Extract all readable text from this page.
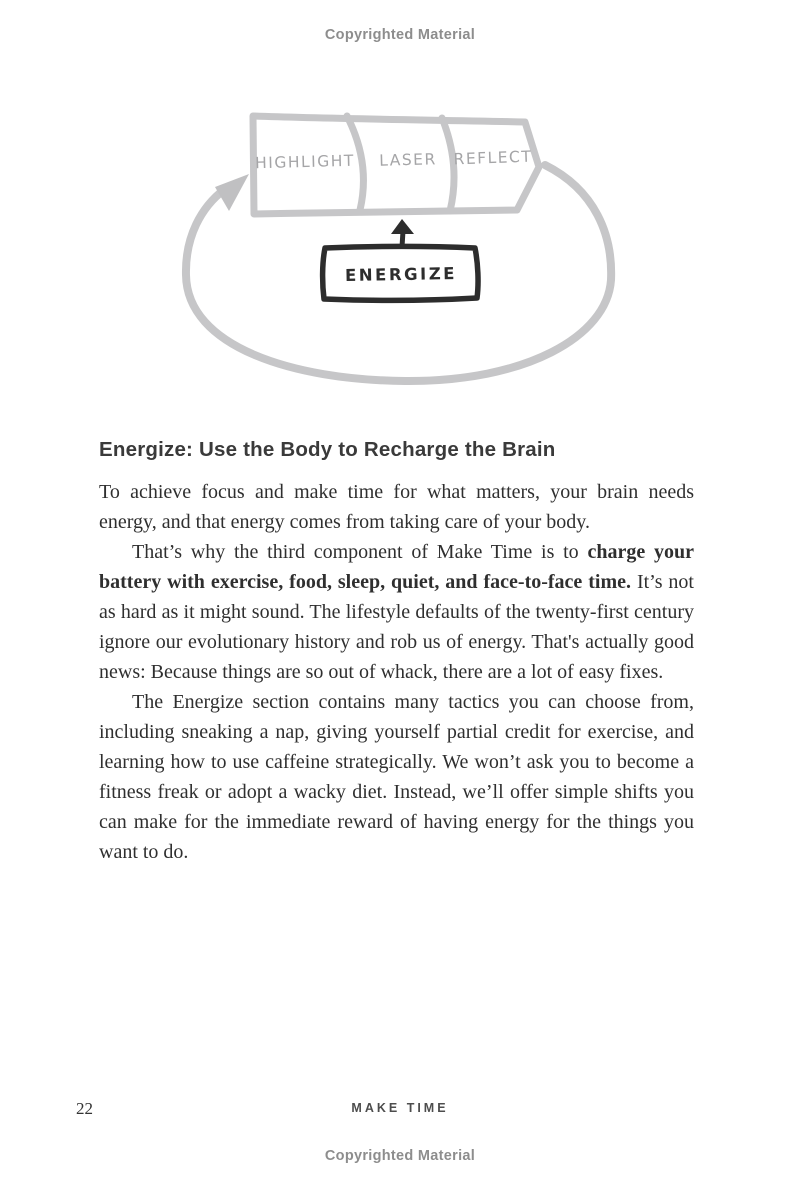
Copyrighted Material
HIGHLIGHT LASER REFLECT
ENERGIZE
Energize: Use the Body to Recharge the Brain

To achieve focus and make time for what matters, your brain needs energy, and that energy comes from taking care of your body.

That’s why the third component of Make Time is to charge your battery with exercise, food, sleep, quiet, and face-to-face time. It’s not as hard as it might sound. The lifestyle defaults of the twenty-first century ignore our evolutionary history and rob us of energy. That's actually good news: Because things are so out of whack, there are a lot of easy fixes.

The Energize section contains many tactics you can choose from, including sneaking a nap, giving yourself partial credit for exercise, and learning how to use caffeine strategically. We won’t ask you to become a fitness freak or adopt a wacky diet. Instead, we’ll offer simple shifts you can make for the immediate reward of having energy for the things you want to do.

22	MAKE TIME
Copyrighted Material
